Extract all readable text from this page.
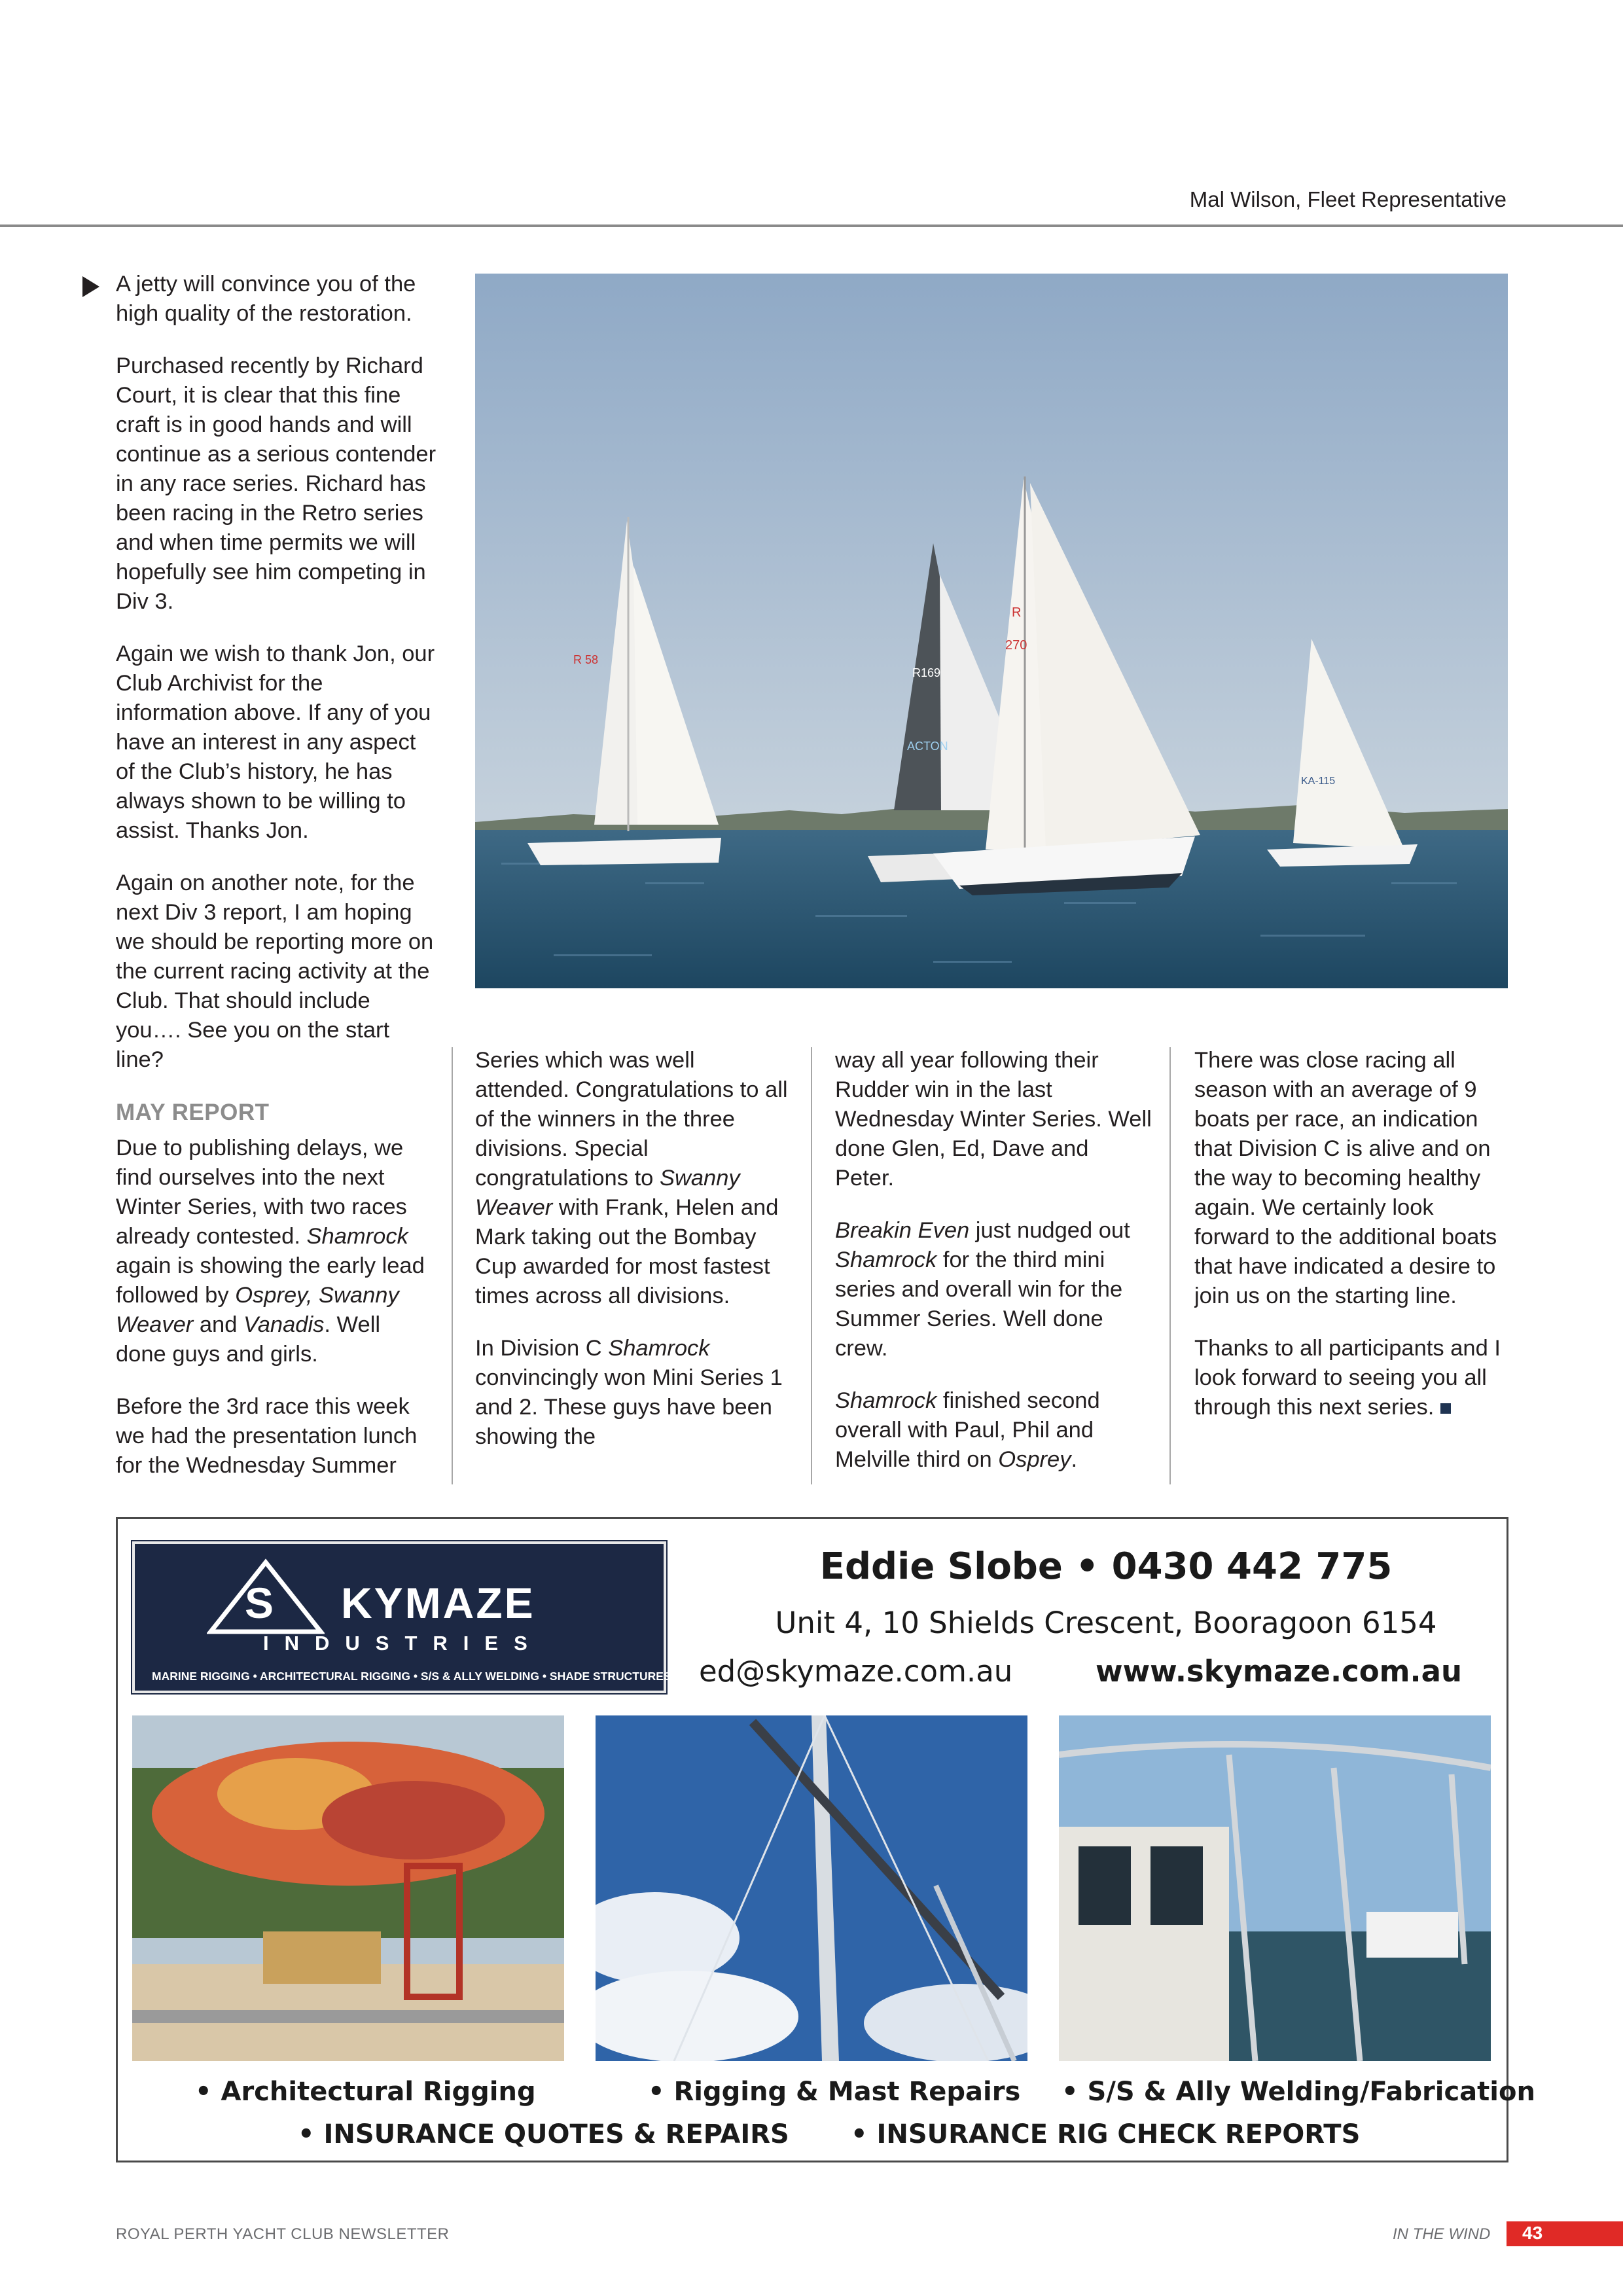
Mal Wilson, Fleet Representative

A jetty will convince you of the high quality of the restoration.

Purchased recently by Richard Court, it is clear that this fine craft is in good hands and will continue as a serious contender in any race series. Richard has been racing in the Retro series and when time permits we will hopefully see him competing in Div 3.

Again we wish to thank Jon, our Club Archivist for the information above. If any of you have an interest in any aspect of the Club’s history, he has always shown to be willing to assist. Thanks Jon.

Again on another note, for the next Div 3 report, I am hoping we should be reporting more on the current racing activity at the Club. That should include you…. See you on the start line?

MAY REPORT

Due to publishing delays, we find ourselves into the next Winter Series, with two races already contested. Shamrock again is showing the early lead followed by Osprey, Swanny Weaver and Vanadis. Well done guys and girls.

Before the 3rd race this week we had the presentation lunch for the Wednesday Summer

Series which was well attended. Congratulations to all of the winners in the three divisions. Special congratulations to Swanny Weaver with Frank, Helen and Mark taking out the Bombay Cup awarded for most fastest times across all divisions.

In Division C Shamrock convincingly won Mini Series 1 and 2. These guys have been showing the

way all year following their Rudder win in the last Wednesday Winter Series. Well done Glen, Ed, Dave and Peter.

Breakin Even just nudged out Shamrock for the third mini series and overall win for the Summer Series. Well done crew.

Shamrock finished second overall with Paul, Phil and Melville third on Osprey.

There was close racing all season with an average of 9 boats per race, an indication that Division C is alive and on the way to becoming healthy again. We certainly look forward to the additional boats that have indicated a desire to join us on the starting line.

Thanks to all participants and I look forward to seeing you all through this next series.

R 58
R169
ACTON
270
R
KA-115
S KYMAZE
INDUSTRIES
MARINE RIGGING • ARCHITECTURAL RIGGING • S/S & ALLY WELDING • SHADE STRUCTURES
Eddie Slobe • 0430 442 775
Unit 4, 10 Shields Crescent, Booragoon 6154
ed@skymaze.com.au	www.skymaze.com.au
• Architectural Rigging	• Rigging & Mast Repairs • S/S & Ally Welding/Fabrication
• INSURANCE QUOTES & REPAIRS • INSURANCE RIG CHECK REPORTS
ROYAL PERTH YACHT CLUB NEWSLETTER	IN THE WIND 43
